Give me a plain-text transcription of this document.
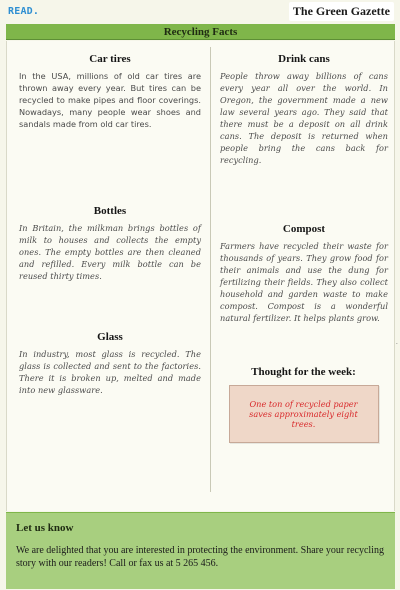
READ.	The Green Gazette
Recycling Facts
Car tires

In the USA, millions of old car tires are thrown away every year. But tires can be recycled to make pipes and floor coverings. Nowadays, many people wear shoes and sandals made from old car tires.

Bottles

In Britain, the milkman brings bottles of milk to houses and collects the empty ones. The empty bottles are then cleaned and refilled. Every milk bottle can be reused thirty times.

Glass

In industry, most glass is recycled. The glass is collected and sent to the factories. There it is broken up, melted and made into new glassware.

Drink cans

People throw away billions of cans every year all over the world. In Oregon, the government made a new law several years ago. They said that there must be a deposit on all drink cans. The deposit is returned when people bring the cans back for recycling.

Compost

Farmers have recycled their waste for thousands of years. They grow food for their animals and use the dung for fertilizing their fields. They also collect household and garden waste to make compost. Compost is a wonderful natural fertilizer. It helps plants grow.

Thought for the week:
One ton of recycled paper saves approximately eight trees.
Let us know

We are delighted that you are interested in protecting the environment. Share your recycling story with our readers! Call or fax us at 5 265 456.

·
